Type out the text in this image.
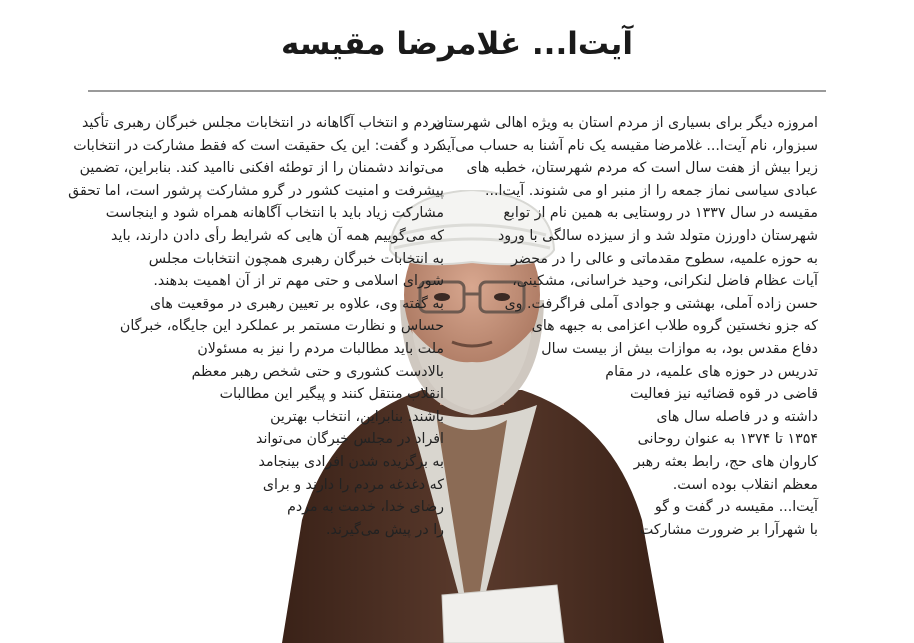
آیت‌ا... غلامرضا مقیسه
امروزه دیگر برای بسیاری از مردم استان به ویژه اهالی شهرستان
سبزوار، نام آیت‌ا... غلامرضا مقیسه یک نام آشنا به حساب می‌آید،
زیرا بیش از هفت سال است که مردم شهرستان، خطبه های
عبادی سیاسی نماز جمعه را از منبر او می شنوند. آیت‌ا...
مقیسه در سال ۱۳۳۷ در روستایی به همین نام از توابع
شهرستان داورزن متولد شد و از سیزده سالگی با ورود
به حوزه علمیه، سطوح مقدماتی و عالی را در محضر
آیات عظام فاضل لنکرانی، وحید خراسانی، مشکینی،
حسن زاده آملی، بهشتی و جوادی آملی فراگرفت. وی
که جزو نخستین گروه طلاب اعزامی به جبهه های
دفاع مقدس بود، به موازات بیش از بیست سال
تدریس در حوزه های علمیه، در مقام
قاضی در قوه قضائیه نیز فعالیت
داشته و در فاصله سال های
۱۳۵۴ تا ۱۳۷۴ به عنوان روحانی
کاروان های حج، رابط بعثه رهبر
معظم انقلاب بوده است.
آیت‌ا... مقیسه در گفت و گو
با شهرآرا بر ضرورت مشارکت
مردم و انتخاب آگاهانه در انتخابات مجلس خبرگان رهبری تأکید
کرد و گفت: این یک حقیقت است که فقط مشارکت در انتخابات
می‌تواند دشمنان را از توطئه افکنی ناامید کند. بنابراین، تضمین
پیشرفت و امنیت کشور در گرو مشارکت پرشور است، اما تحقق
مشارکت زیاد باید با انتخاب آگاهانه همراه شود و اینجاست
که می‌گوییم همه آن هایی که شرایط رأی دادن دارند، باید
به انتخابات خبرگان رهبری همچون انتخابات مجلس
شورای اسلامی و حتی مهم تر از آن اهمیت بدهند.
به گفته وی، علاوه بر تعیین رهبری در موقعیت های
حساس و نظارت مستمر بر عملکرد این جایگاه، خبرگان
ملت باید مطالبات مردم را نیز به مسئولان
بالادست کشوری و حتی شخص رهبر معظم
انقلاب منتقل کنند و پیگیر این مطالبات
باشند. بنابراین، انتخاب بهترین
افراد در مجلس خبرگان می‌تواند
به برگزیده شدن افرادی بینجامد
که دغدغه مردم را دارند و برای
رضای خدا، خدمت به مردم
را در پیش می‌گیرند.
